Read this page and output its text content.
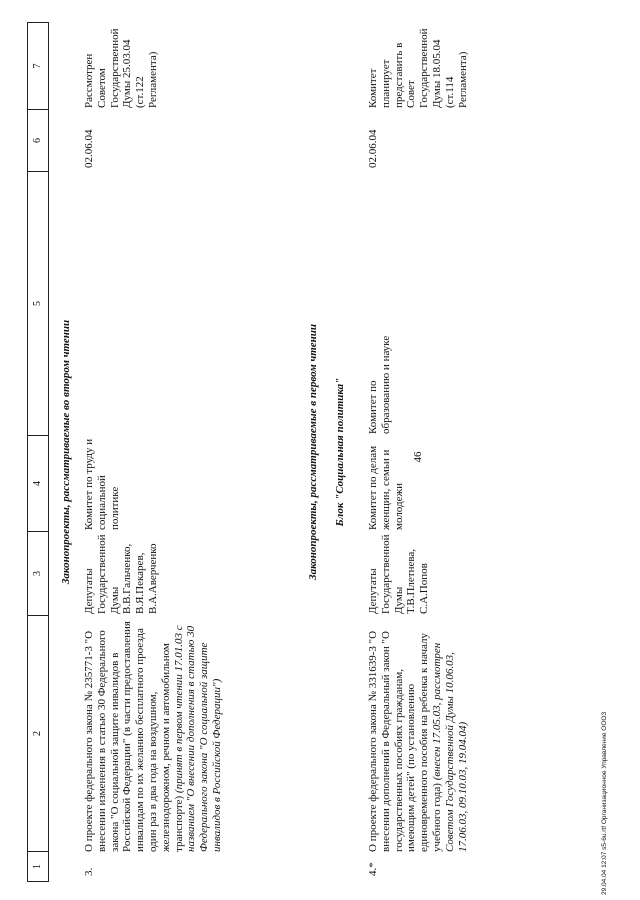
46
29.04.04 12:07 s5-6u.rtf Организационное Управление ООО3
1
2
3
4
5
6
7
Законопроекты, рассматриваемые во втором чтении
3.
О проекте федерального закона № 235771-3 "О внесении изменения в статью 30 Федерального закона "О социальной защите инвалидов в Российской Федерации" (в части предоставления инвалидам по их желанию бесплатного проезда один раз в два года на воздушном, железнодорожном, речном и автомобильном транспорте) (принят в первом чтении 17.01.03 с названием "О внесении дополнения в статью 30 Федерального закона "О социальной защите инвалидов в Российской Федерации")
Депутаты Государственной Думы В.В.Гальченко, В.Я.Пекарев, В.А.Аверченко
Комитет по труду и социальной политике
02.06.04
Рассмотрен Советом Государственной Думы 25.03.04 (ст.122 Регламента)
Законопроекты, рассматриваемые в первом чтении Блок "Социальная политика"
4.*
О проекте федерального закона № 331639-3 "О внесении дополнений в Федеральный закон "О государственных пособиях гражданам, имеющим детей" (по установлению единовременного пособия на ребенка к началу учебного года) (внесен 17.05.03, рассмотрен Советом Государственной Думы 10.06.03, 17.06.03, 09.10.03, 19.04.04)
Депутаты Государственной Думы Т.В.Плетнева, С.А.Попов
Комитет по делам женщин, семьи и молодежи
Комитет по образованию и науке
02.06.04
Комитет планирует представить в Совет Государственной Думы 18.05.04 (ст.114 Регламента)
